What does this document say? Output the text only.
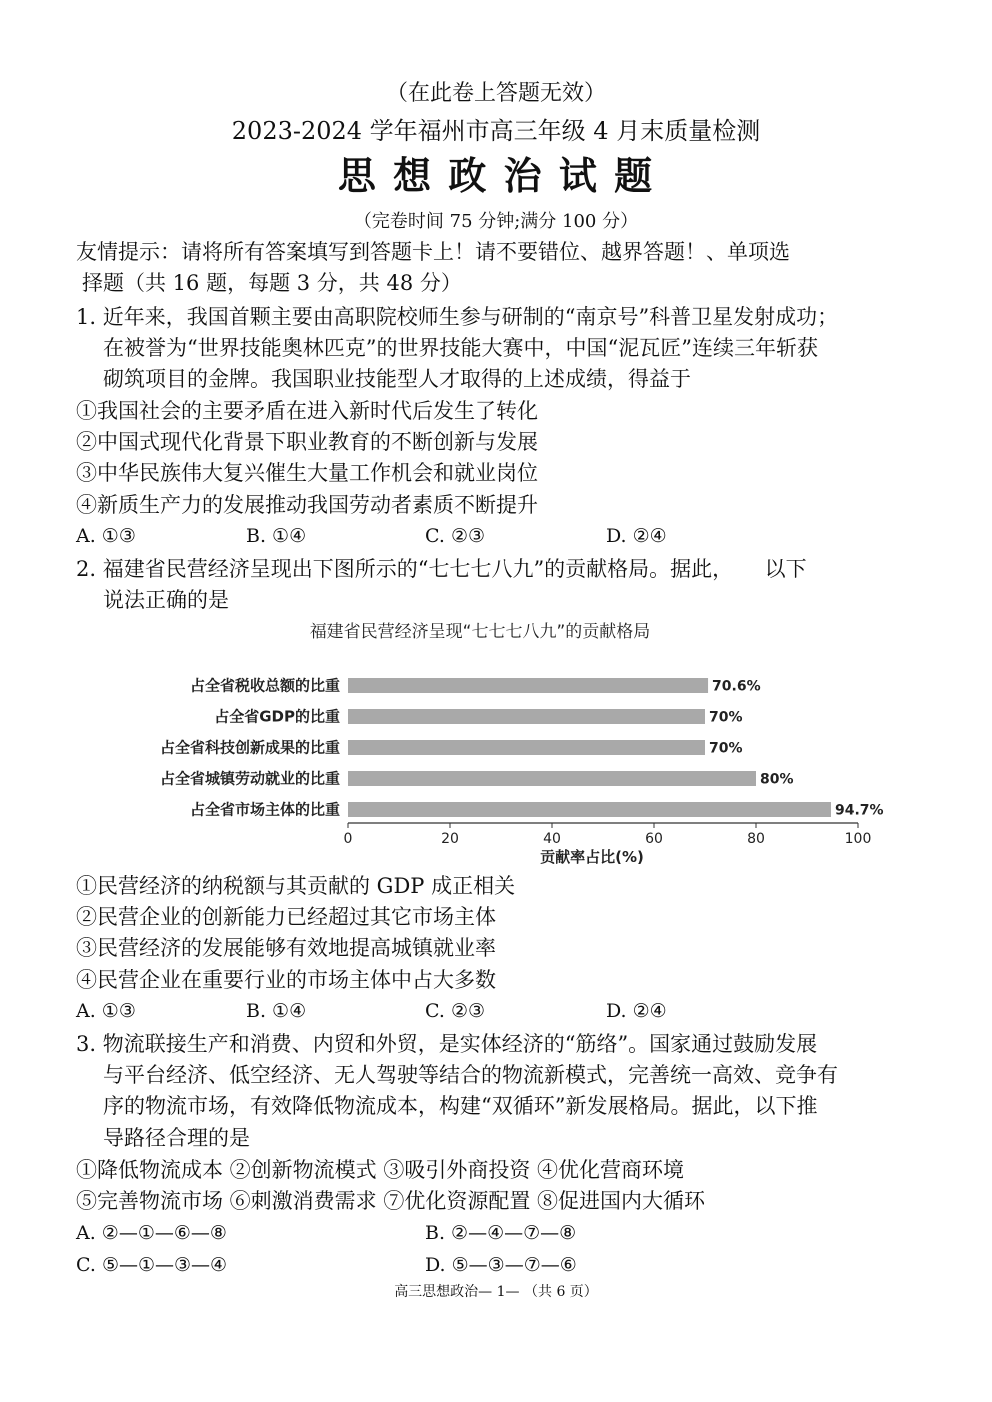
（在此卷上答题无效）
2023-2024 学年福州市高三年级 4 月末质量检测
思 想 政 治 试 题
（完卷时间 75 分钟;满分 100 分）
友情提示：请将所有答案填写到答题卡上！请不要错位、越界答题！、单项选
择题（共 16 题，每题 3 分，共 48 分）
1. 近年来，我国首颗主要由高职院校师生参与研制的“南京号”科普卫星发射成功；
在被誉为“世界技能奥林匹克”的世界技能大赛中，中国“泥瓦匠”连续三年斩获
砌筑项目的金牌。我国职业技能型人才取得的上述成绩，得益于
①我国社会的主要矛盾在进入新时代后发生了转化
②中国式现代化背景下职业教育的不断创新与发展
③中华民族伟大复兴催生大量工作机会和就业岗位
④新质生产力的发展推动我国劳动者素质不断提升
A. ①③	B. ①④	C. ②③	D. ②④
2. 福建省民营经济呈现出下图所示的“七七七八九”的贡献格局。据此，　　以下
说法正确的是
福建省民营经济呈现“七七七八九”的贡献格局
占全省税收总额的比重
占全省GDP的比重
占全省科技创新成果的比重
占全省城镇劳动就业的比重
占全省市场主体的比重
70.6%
70%
70%
80%
94.7%
0	20	40	60	80	100
贡献率占比(%)
①民营经济的纳税额与其贡献的 GDP 成正相关
②民营企业的创新能力已经超过其它市场主体
③民营经济的发展能够有效地提高城镇就业率
④民营企业在重要行业的市场主体中占大多数
A. ①③	B. ①④	C. ②③	D. ②④
3. 物流联接生产和消费、内贸和外贸，是实体经济的“筋络”。国家通过鼓励发展
与平台经济、低空经济、无人驾驶等结合的物流新模式，完善统一高效、竞争有
序的物流市场，有效降低物流成本，构建“双循环”新发展格局。据此，以下推
导路径合理的是
①降低物流成本 ②创新物流模式 ③吸引外商投资 ④优化营商环境
⑤完善物流市场 ⑥刺激消费需求 ⑦优化资源配置 ⑧促进国内大循环
A. ②—①—⑥—⑧	B. ②—④—⑦—⑧
C. ⑤—①—③—④	D. ⑤—③—⑦—⑥
高三思想政治— 1— （共 6 页）
